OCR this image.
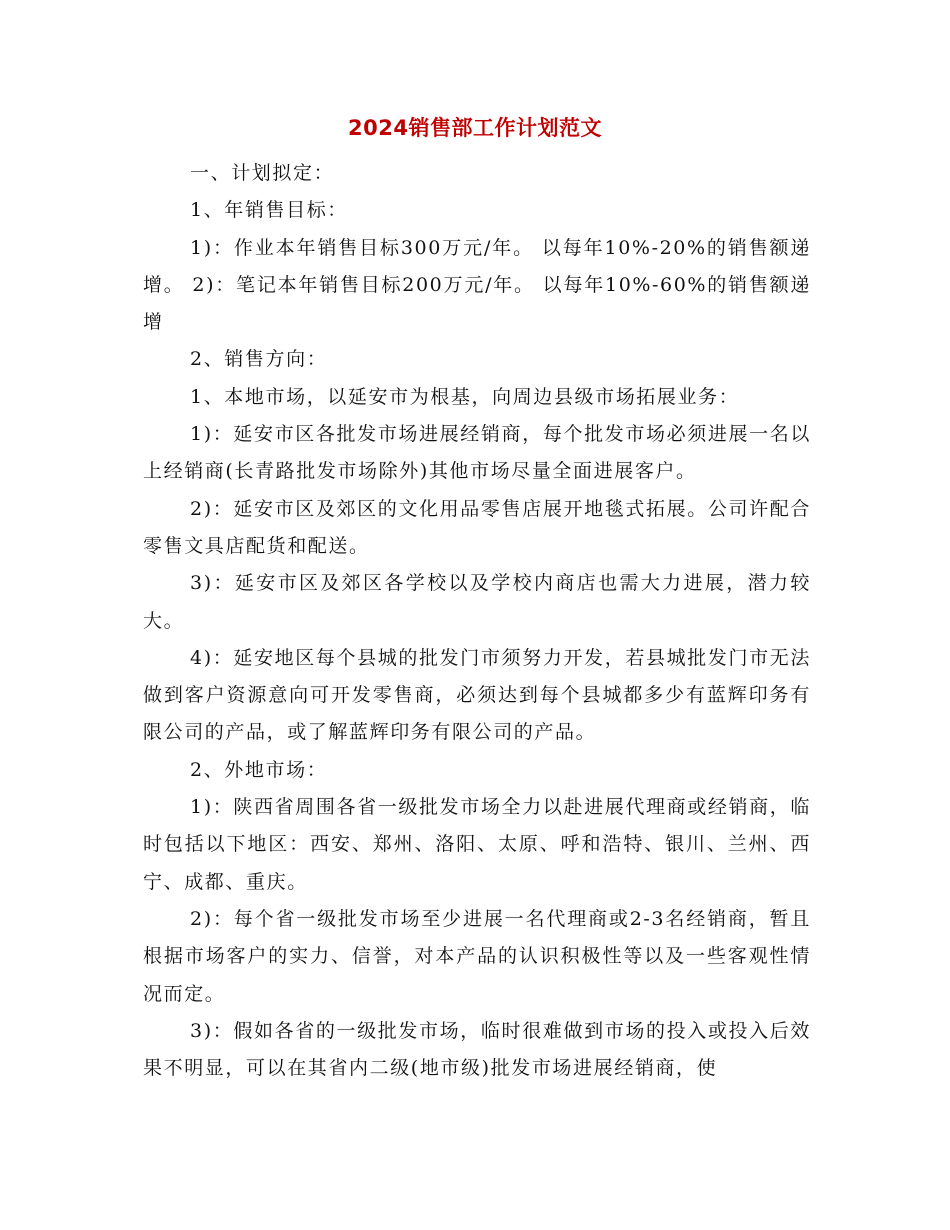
2024销售部工作计划范文

一、计划拟定：

1、年销售目标：

1)：作业本年销售目标300万元/年。 以每年10%-20%的销售额递增。 2)：笔记本年销售目标200万元/年。 以每年10%-60%的销售额递增

2、销售方向：

1、本地市场，以延安市为根基，向周边县级市场拓展业务：

1)：延安市区各批发市场进展经销商，每个批发市场必须进展一名以上经销商(长青路批发市场除外)其他市场尽量全面进展客户。

2)：延安市区及郊区的文化用品零售店展开地毯式拓展。公司许配合零售文具店配货和配送。

3)：延安市区及郊区各学校以及学校内商店也需大力进展，潜力较大。

4)：延安地区每个县城的批发门市须努力开发，若县城批发门市无法做到客户资源意向可开发零售商，必须达到每个县城都多少有蓝辉印务有限公司的产品，或了解蓝辉印务有限公司的产品。

2、外地市场：

1)：陕西省周围各省一级批发市场全力以赴进展代理商或经销商，临时包括以下地区：西安、郑州、洛阳、太原、呼和浩特、银川、兰州、西宁、成都、重庆。

2)：每个省一级批发市场至少进展一名代理商或2-3名经销商，暂且根据市场客户的实力、信誉，对本产品的认识积极性等以及一些客观性情况而定。

3)：假如各省的一级批发市场，临时很难做到市场的投入或投入后效果不明显，可以在其省内二级(地市级)批发市场进展经销商，使
